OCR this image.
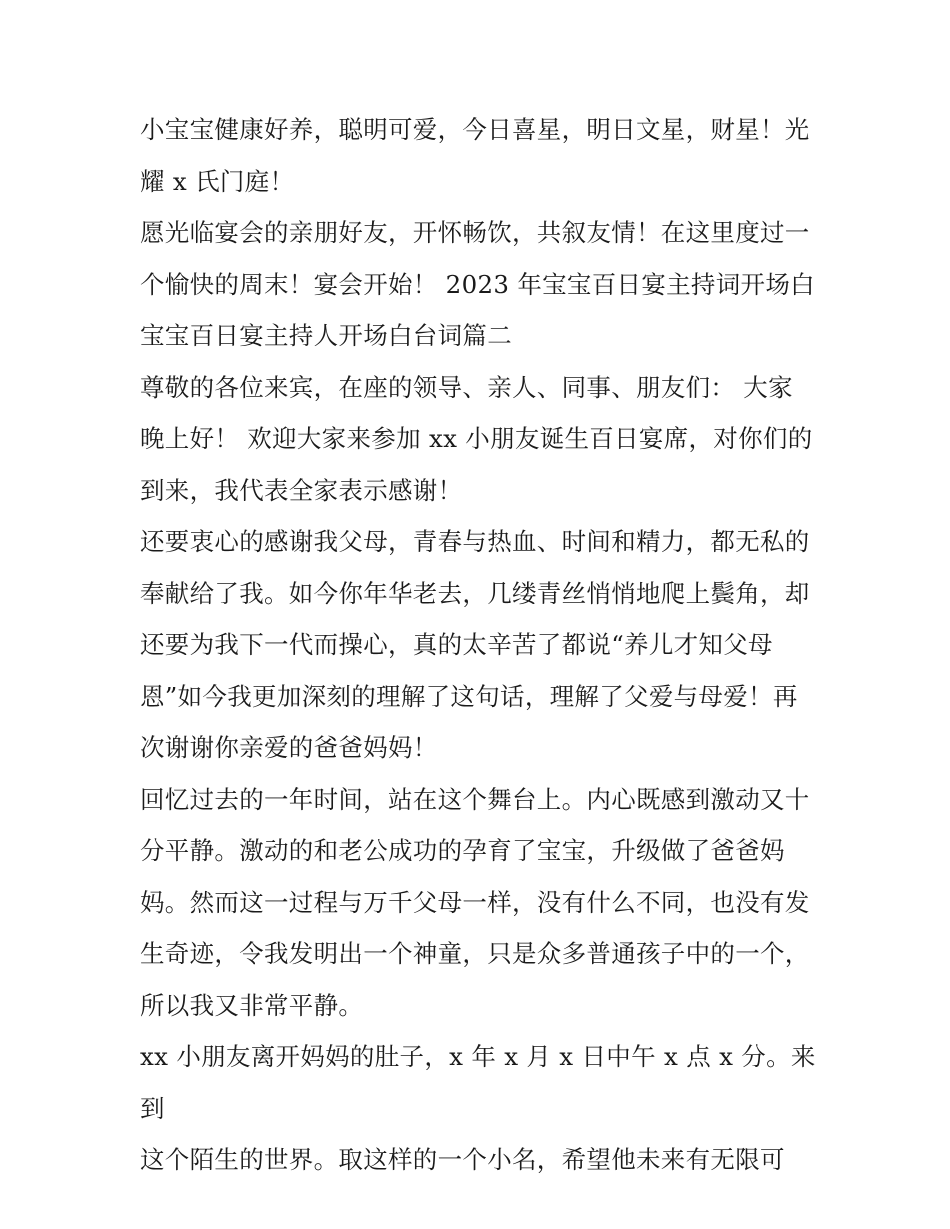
小宝宝健康好养，聪明可爱，今日喜星，明日文星，财星！光

耀 x 氏门庭！

愿光临宴会的亲朋好友，开怀畅饮，共叙友情！在这里度过一

个愉快的周末！宴会开始！ 2023 年宝宝百日宴主持词开场白

宝宝百日宴主持人开场白台词篇二

尊敬的各位来宾，在座的领导、亲人、同事、朋友们： 大家

晚上好！ 欢迎大家来参加 xx 小朋友诞生百日宴席，对你们的

到来，我代表全家表示感谢！

还要衷心的感谢我父母，青春与热血、时间和精力，都无私的

奉献给了我。如今你年华老去，几缕青丝悄悄地爬上鬓角，却

还要为我下一代而操心，真的太辛苦了都说“养儿才知父母

恩”如今我更加深刻的理解了这句话，理解了父爱与母爱！再

次谢谢你亲爱的爸爸妈妈！

回忆过去的一年时间，站在这个舞台上。内心既感到激动又十

分平静。激动的和老公成功的孕育了宝宝，升级做了爸爸妈

妈。然而这一过程与万千父母一样，没有什么不同，也没有发

生奇迹，令我发明出一个神童，只是众多普通孩子中的一个，

所以我又非常平静。

xx 小朋友离开妈妈的肚子，x 年 x 月 x 日中午 x 点 x 分。来到

这个陌生的世界。取这样的一个小名，希望他未来有无限可
